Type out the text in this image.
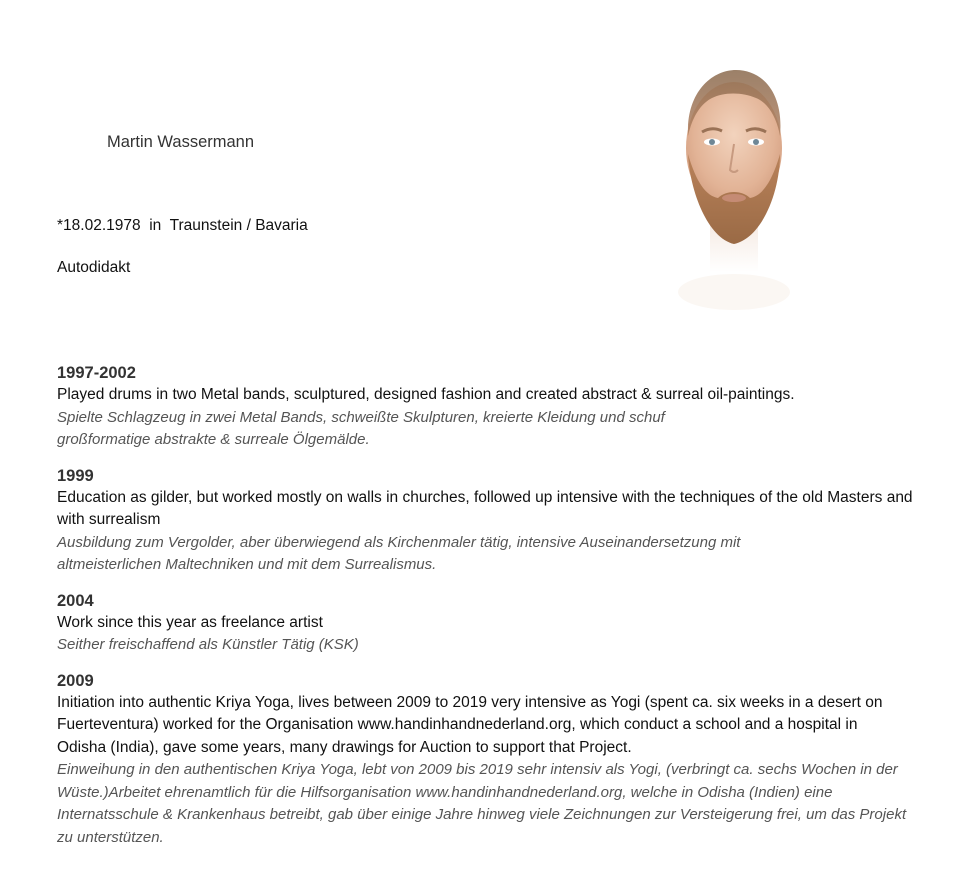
Martin Wassermann
*18.02.1978  in  Traunstein / Bavaria
Autodidakt

1997-2002

Played drums in two Metal bands, sculptured, designed fashion and created abstract & surreal oil-paintings.

Spielte Schlagzeug in zwei Metal Bands, schweißte Skulpturen, kreierte Kleidung und schuf großformatige abstrakte & surreale Ölgemälde.

1999

Education as gilder, but worked mostly on walls in churches, followed up intensive with the techniques of the old Masters and with surrealism

Ausbildung zum Vergolder, aber überwiegend als Kirchenmaler tätig, intensive Auseinandersetzung mit altmeisterlichen Maltechniken und mit dem Surrealismus.

2004

Work since this year as freelance artist

Seither freischaffend als Künstler Tätig (KSK)

2009

Initiation into authentic Kriya Yoga, lives between 2009 to 2019 very intensive as Yogi (spent ca. six weeks in a desert on Fuerteventura) worked for the Organisation www.handinhandnederland.org, which conduct a school and a hospital in Odisha (India), gave some years, many drawings for Auction to support that Project.

Einweihung in den authentischen Kriya Yoga, lebt von 2009 bis 2019 sehr intensiv als Yogi, (verbringt ca. sechs Wochen in der Wüste.)Arbeitet ehrenamtlich für die Hilfsorganisation www.handinhandnederland.org, welche in Odisha (Indien) eine Internatsschule & Krankenhaus betreibt, gab über einige Jahre hinweg viele Zeichnungen zur Versteigerung frei, um das Projekt zu unterstützen.
